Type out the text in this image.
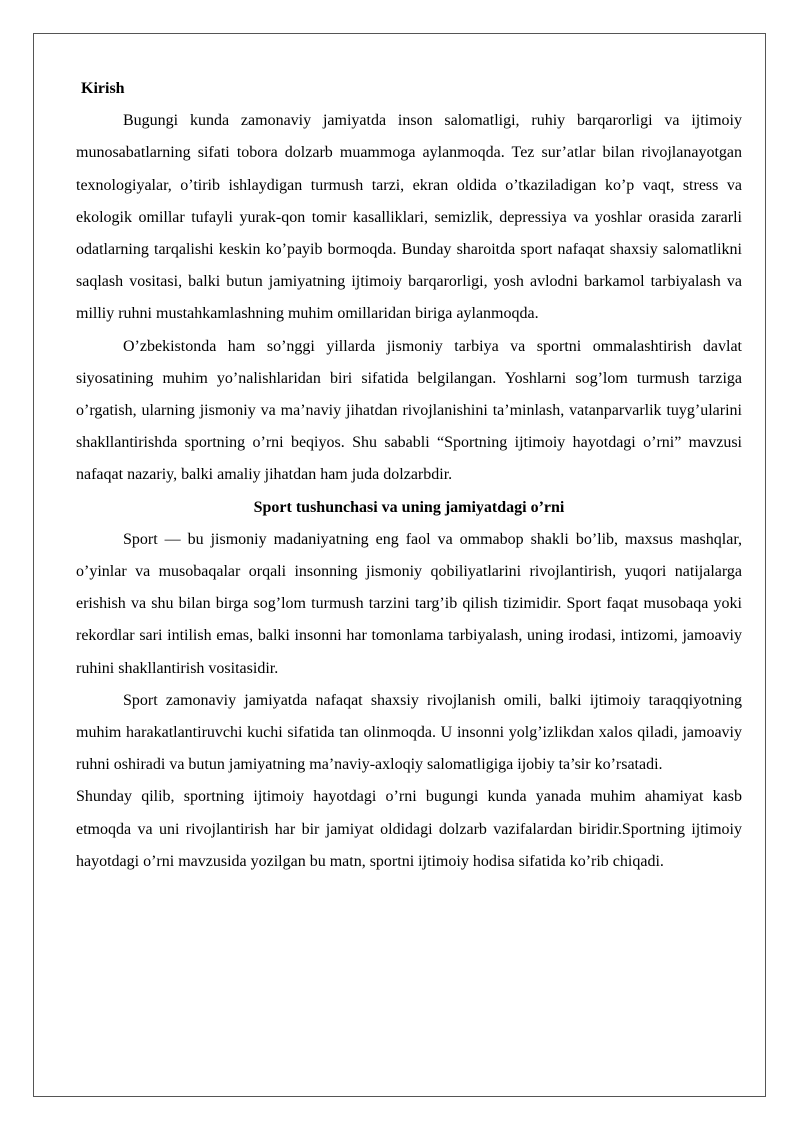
Kirish

Bugungi kunda zamonaviy jamiyatda inson salomatligi, ruhiy barqarorligi va ijtimoiy munosabatlarning sifati tobora dolzarb muammoga aylanmoqda. Tez sur’atlar bilan rivojlanayotgan texnologiyalar, o’tirib ishlaydigan turmush tarzi, ekran oldida o’tkaziladigan ko’p vaqt, stress va ekologik omillar tufayli yurak-qon tomir kasalliklari, semizlik, depressiya va yoshlar orasida zararli odatlarning tarqalishi keskin ko’payib bormoqda. Bunday sharoitda sport nafaqat shaxsiy salomatlikni saqlash vositasi, balki butun jamiyatning ijtimoiy barqarorligi, yosh avlodni barkamol tarbiyalash va milliy ruhni mustahkamlashning muhim omillaridan biriga aylanmoqda.

O’zbekistonda ham so’nggi yillarda jismoniy tarbiya va sportni ommalashtirish davlat siyosatining muhim yo’nalishlaridan biri sifatida belgilangan. Yoshlarni sog’lom turmush tarziga o’rgatish, ularning jismoniy va ma’naviy jihatdan rivojlanishini ta’minlash, vatanparvarlik tuyg’ularini shakllantirishda sportning o’rni beqiyos. Shu sababli “Sportning ijtimoiy hayotdagi o’rni” mavzusi nafaqat nazariy, balki amaliy jihatdan ham juda dolzarbdir.

Sport tushunchasi va uning jamiyatdagi o’rni

Sport — bu jismoniy madaniyatning eng faol va ommabop shakli bo’lib, maxsus mashqlar, o’yinlar va musobaqalar orqali insonning jismoniy qobiliyatlarini rivojlantirish, yuqori natijalarga erishish va shu bilan birga sog’lom turmush tarzini targ’ib qilish tizimidir. Sport faqat musobaqa yoki rekordlar sari intilish emas, balki insonni har tomonlama tarbiyalash, uning irodasi, intizomi, jamoaviy ruhini shakllantirish vositasidir.

Sport zamonaviy jamiyatda nafaqat shaxsiy rivojlanish omili, balki ijtimoiy taraqqiyotning muhim harakatlantiruvchi kuchi sifatida tan olinmoqda. U insonni yolg’izlikdan xalos qiladi, jamoaviy ruhni oshiradi va butun jamiyatning ma’naviy-axloqiy salomatligiga ijobiy ta’sir ko’rsatadi.

Shunday qilib, sportning ijtimoiy hayotdagi o’rni bugungi kunda yanada muhim ahamiyat kasb etmoqda va uni rivojlantirish har bir jamiyat oldidagi dolzarb vazifalardan biridir.Sportning ijtimoiy hayotdagi o’rni mavzusida yozilgan bu matn, sportni ijtimoiy hodisa sifatida ko’rib chiqadi.
